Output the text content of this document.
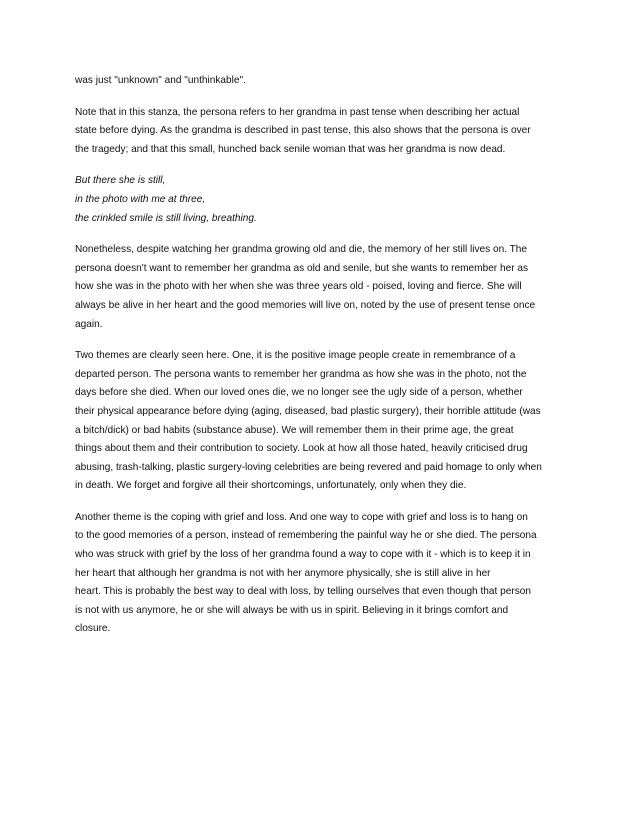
was just "unknown" and "unthinkable".

Note that in this stanza, the persona refers to her grandma in past tense when describing her actual
state before dying. As the grandma is described in past tense, this also shows that the persona is over
the tragedy; and that this small, hunched back senile woman that was her grandma is now dead.

But there she is still,
in the photo with me at three,
the crinkled smile is still living, breathing.

Nonetheless, despite watching her grandma growing old and die, the memory of her still lives on. The
persona doesn't want to remember her grandma as old and senile, but she wants to remember her as
how she was in the photo with her when she was three years old - poised, loving and fierce. She will
always be alive in her heart and the good memories will live on, noted by the use of present tense once
again.

Two themes are clearly seen here. One, it is the positive image people create in remembrance of a
departed person. The persona wants to remember her grandma as how she was in the photo, not the
days before she died. When our loved ones die, we no longer see the ugly side of a person, whether
their physical appearance before dying (aging, diseased, bad plastic surgery), their horrible attitude (was
a bitch/dick) or bad habits (substance abuse). We will remember them in their prime age, the great
things about them and their contribution to society. Look at how all those hated, heavily criticised drug
abusing, trash-talking, plastic surgery-loving celebrities are being revered and paid homage to only when
in death. We forget and forgive all their shortcomings, unfortunately, only when they die.

Another theme is the coping with grief and loss. And one way to cope with grief and loss is to hang on
to the good memories of a person, instead of remembering the painful way he or she died. The persona
who was struck with grief by the loss of her grandma found a way to cope with it - which is to keep it in
her heart that although her grandma is not with her anymore physically, she is still alive in her
heart. This is probably the best way to deal with loss, by telling ourselves that even though that person
is not with us anymore, he or she will always be with us in spirit. Believing in it brings comfort and
closure.
